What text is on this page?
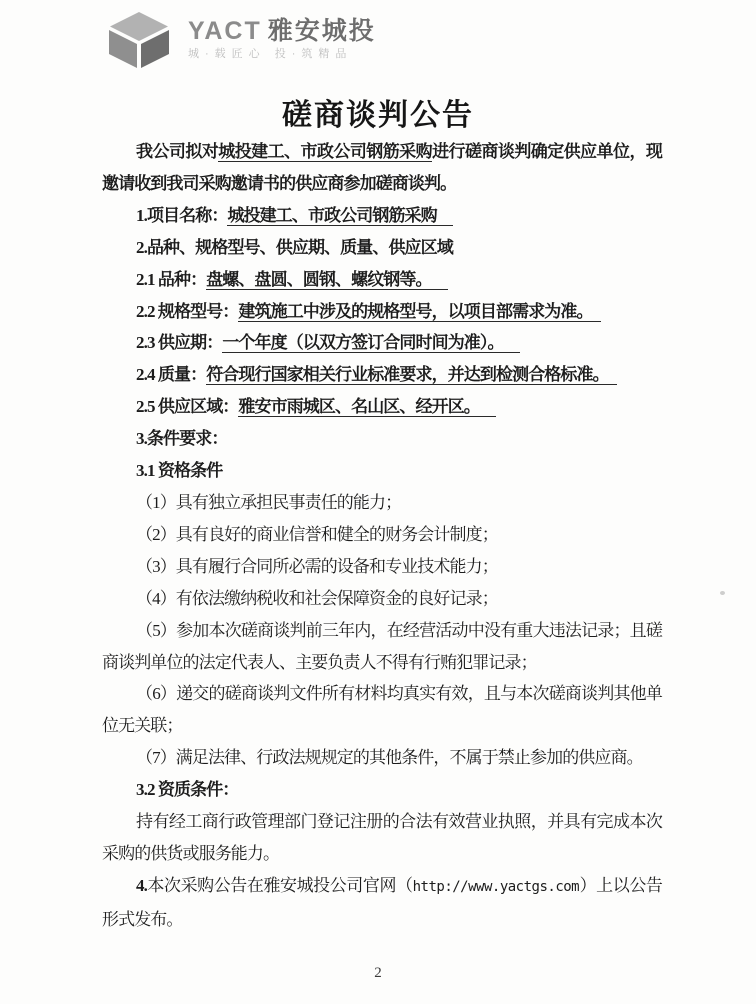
YACT 雅安城投
城·载匠心 投·筑精品
磋商谈判公告

我公司拟对城投建工、市政公司钢筋采购进行磋商谈判确定供应单位，现邀请收到我司采购邀请书的供应商参加磋商谈判。

1.项目名称：城投建工、市政公司钢筋采购

2.品种、规格型号、供应期、质量、供应区域

2.1 品种：盘螺、盘圆、圆钢、螺纹钢等。

2.2 规格型号：建筑施工中涉及的规格型号，以项目部需求为准。

2.3 供应期：一个年度（以双方签订合同时间为准）。

2.4 质量：符合现行国家相关行业标准要求，并达到检测合格标准。

2.5 供应区域：雅安市雨城区、名山区、经开区。

3.条件要求：

3.1 资格条件

（1）具有独立承担民事责任的能力；

（2）具有良好的商业信誉和健全的财务会计制度；

（3）具有履行合同所必需的设备和专业技术能力；

（4）有依法缴纳税收和社会保障资金的良好记录；

（5）参加本次磋商谈判前三年内，在经营活动中没有重大违法记录；且磋商谈判单位的法定代表人、主要负责人不得有行贿犯罪记录；

（6）递交的磋商谈判文件所有材料均真实有效，且与本次磋商谈判其他单位无关联；

（7）满足法律、行政法规规定的其他条件，不属于禁止参加的供应商。

3.2 资质条件：

持有经工商行政管理部门登记注册的合法有效营业执照，并具有完成本次采购的供货或服务能力。

4.本次采购公告在雅安城投公司官网（http://www.yactgs.com）上以公告形式发布。

2
